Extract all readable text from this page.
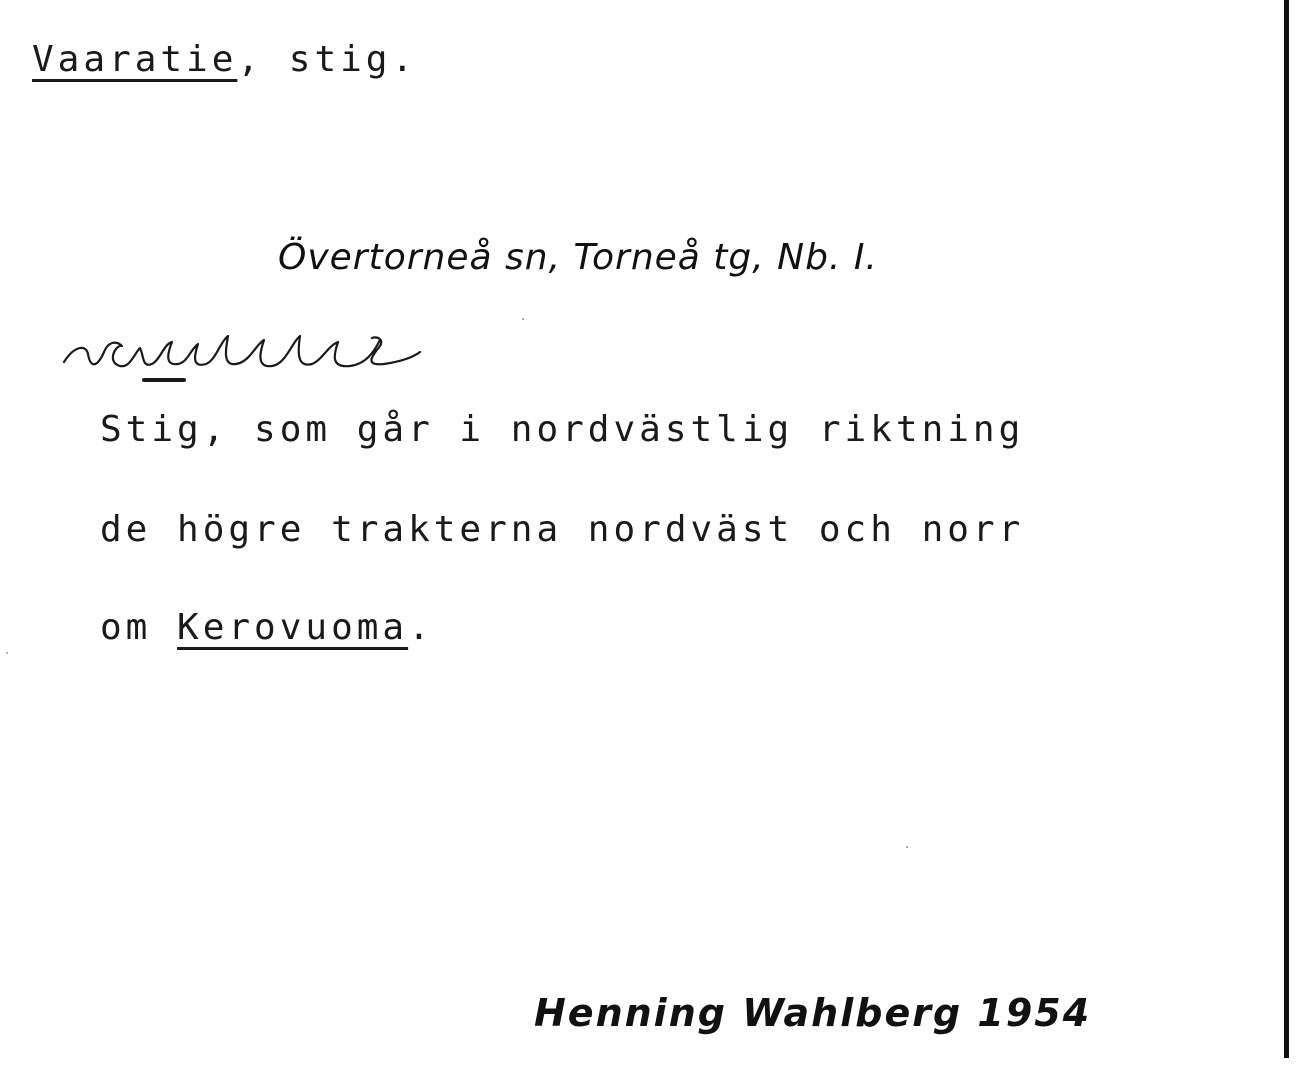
Vaaratie, stig.
Övertorneå sn, Torneå tg, Nb. I.
Stig, som går i nordvästlig riktning
de högre trakterna nordväst och norr
om Kerovuoma.
Henning Wahlberg 1954
